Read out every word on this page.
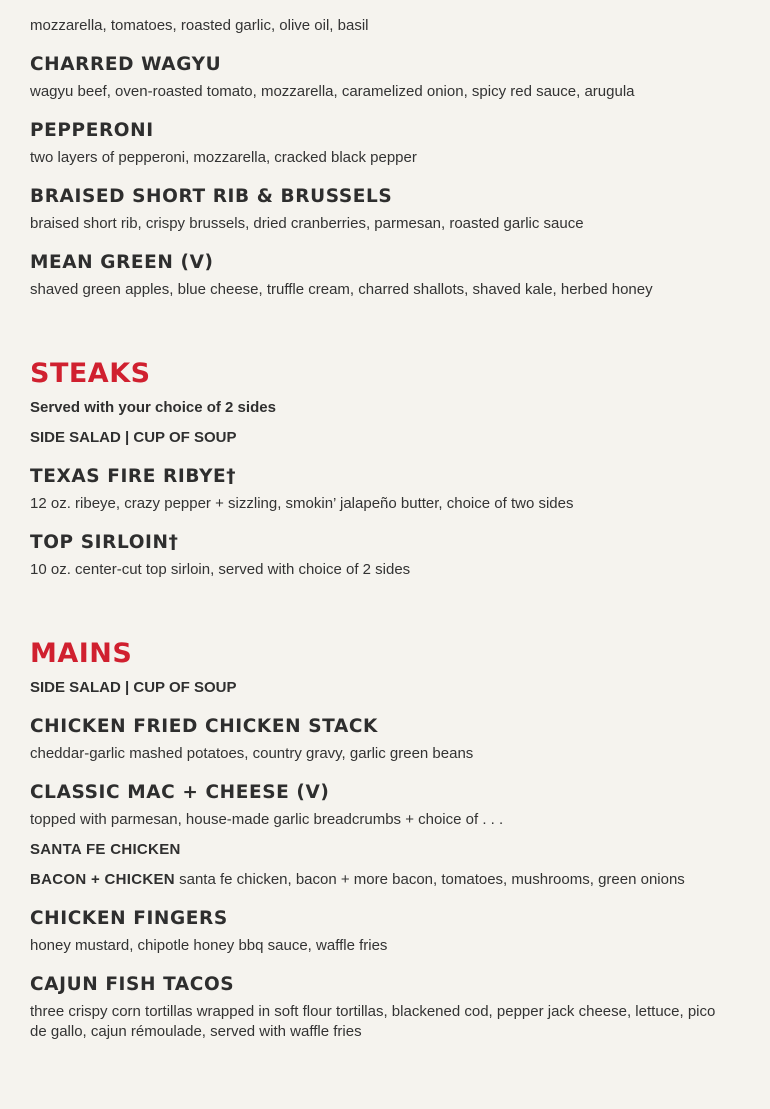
mozzarella, tomatoes, roasted garlic, olive oil, basil

CHARRED WAGYU

wagyu beef, oven-roasted tomato, mozzarella, caramelized onion, spicy red sauce, arugula

PEPPERONI

two layers of pepperoni, mozzarella, cracked black pepper

BRAISED SHORT RIB & BRUSSELS

braised short rib, crispy brussels, dried cranberries, parmesan, roasted garlic sauce

MEAN GREEN (V)

shaved green apples, blue cheese, truffle cream, charred shallots, shaved kale, herbed honey

STEAKS

Served with your choice of 2 sides

SIDE SALAD | CUP OF SOUP

TEXAS FIRE RIBYE†

12 oz. ribeye, crazy pepper + sizzling, smokin’ jalapeño butter, choice of two sides

TOP SIRLOIN†

10 oz. center-cut top sirloin, served with choice of 2 sides

MAINS

SIDE SALAD | CUP OF SOUP

CHICKEN FRIED CHICKEN STACK

cheddar-garlic mashed potatoes, country gravy, garlic green beans

CLASSIC MAC + CHEESE (V)

topped with parmesan, house-made garlic breadcrumbs + choice of . . .

SANTA FE CHICKEN

BACON + CHICKEN santa fe chicken, bacon + more bacon, tomatoes, mushrooms, green onions

CHICKEN FINGERS

honey mustard, chipotle honey bbq sauce, waffle fries

CAJUN FISH TACOS

three crispy corn tortillas wrapped in soft flour tortillas, blackened cod, pepper jack cheese, lettuce, pico de gallo, cajun rémoulade, served with waffle fries
